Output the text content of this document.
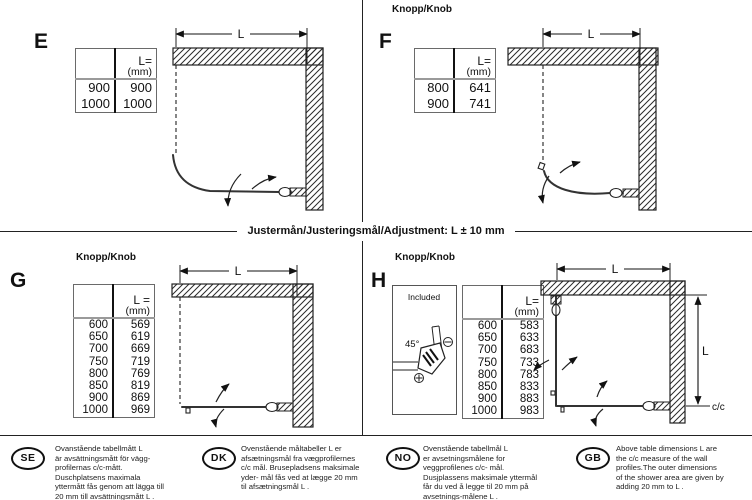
Justermån/Justeringsmål/Adjustment: L ± 10 mm
E

	L=
(mm)

900	900
1000	1000
L
Knopp/Knob
F

	L=
(mm)

800	641
900	741
L
Knopp/Knob
G

	L =
(mm)

600	569
650	619
700	669
750	719
800	769
850	819
900	869
1000	969
L
Knopp/Knob
H
Included
45°

	L=
(mm)

600	583
650	633
700	683
750	733
800	783
850	833
900	883
1000	983
L
L
c/c
SE
Ovanstående tabellmått L
är avsättningsmått för vägg-
profilernas c/c-mått.
Duschplatsens maximala
yttermått fås genom att lägga till
20 mm till avsättningsmått L .
DK
Ovenstående måltabeller L er
afsætningsmål fra vægprofilernes
c/c mål. Brusepladsens maksimale
yder- mål fås ved at lægge 20 mm
til afsætningsmål L .
NO
Ovenstående tabellmål L
er avsetningsmålene for
veggprofilenes c/c- mål.
Dusjplassens maksimale yttermål
får du ved å legge til 20 mm på
avsetnings-målene L .
GB
Above table dimensions L are
the c/c measure of the wall
profiles.The outer dimensions
of the shower area are given by
adding 20 mm to L .
